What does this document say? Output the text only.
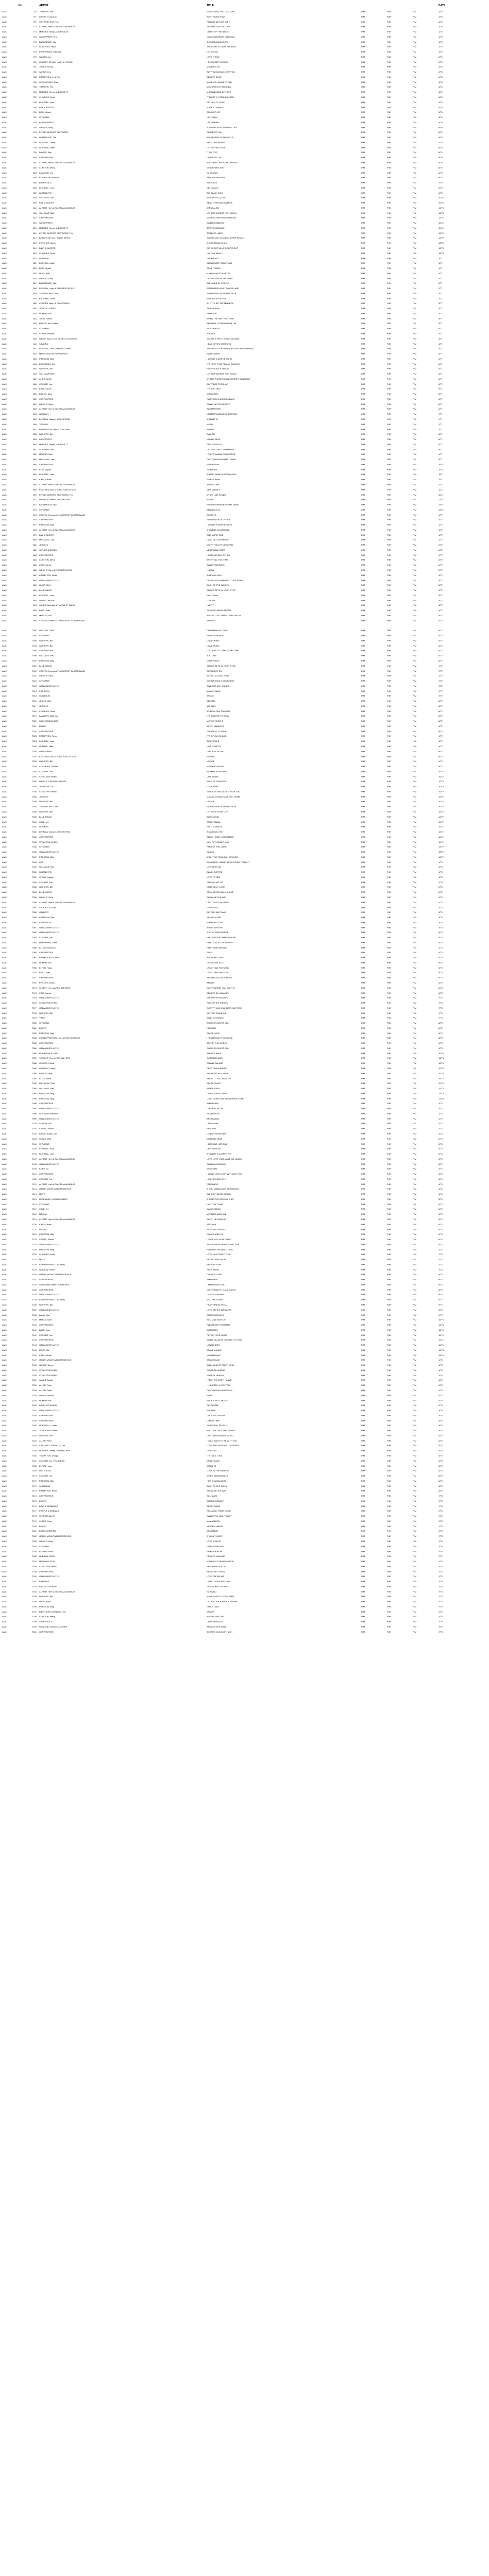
	No.	ARTIST	TITLE				DATE
AMS	770	TRAVERS, Pat	SOMETHING YOU CAN LEND	P/M	P/M	P/M	1/76
AMS	771	LONGET, Claudine	BOTH SIDES NOW	P/M	P/M	P/M	1/76
AMS	772	SISTERS LOVE, The	FORGET ME NOT, GIT IT	P/M	P/M	P/M	1/76
AMS	773	ALPERT, Herb & The TIJUANA BRASS	THE MALTESE MELODY	P/M	P/M	P/M	1/76
AMS	774	MENDES, Sergio, & BRASIL 66	CHANT OF THE BIRDS	P/M	P/M	P/M	1/76
AMS	775	SANDPIPERS, The	COME SATURDAY MORNING	P/M	P/M	P/M	1/76
AMS	776	BACHARACH, Burt	THE GERANIUM KISS	P/M	P/M	P/M	1/76
AMS	777	DONOVAN, Jason	THE LIGHT IS DARK ENOUGH	P/M	P/M	P/M	1/76
AMS	778	PEPPERMINT CIRCUS	LET ME GO	P/M	P/M	P/M	1/76
AMS	779	WOODS, Lin	LOVE IT TOO	P/M	P/M	P/M	2/76
AMS	780	CROSBY, STILLS, NASH & YOUNG	I JUST KEEP ROCKIN'	P/M	P/M	P/M	2/76
AMS	781	JONES, Kenny	MILLER'S JOY	P/M	P/M	P/M	2/76
AMS	782	SANDS, Kim	BUT YOU KNOW I LOVE YOU	P/M	P/M	P/M	2/76
AMS	783	FRAMPTON, Jr. & Trio	BELIEVE IN ME	P/M	P/M	P/M	2/76
AMS	784	SPRINGFIELD, Rick	MAKE YOU WANT TO CRY	P/M	P/M	P/M	3/76
AMS	785	TRAVERS, Pat	MEMORIES OF MELINDA	P/M	P/M	P/M	4/76
AMS	786	MENDES, Sergio, & BRASIL 77	MORNINGSIDE OF LOVE	P/M	P/M	P/M	4/76
AMS	787	CHARLES, Tonto	IT TAKES A LITTLE LONGER	P/M	P/M	P/M	4/76
AMS	788	RUSSELL, Leon	RETURN TO LOVE	P/M	P/M	P/M	4/76
AMS	789	BILL & BUSTER	MAKE A CHANGE	P/M	P/M	P/M	4/76
AMS	790	BOO, Miguel	SONG OF JOY	P/M	P/M	P/M	5/76
AMS	791	STRAWBS	LAY DOWN	P/M	P/M	P/M	5/76
AMS	792	BOOMERANCE	LAZY RIDING	P/M	P/M	P/M	5/76
AMS	793	WRIGHT, Gary	TOMORROW IS ANOTHER DAY	P/M	P/M	P/M	6/76
AMS	794	FLYING BURRITO BROTHERS	CLOSE TO YOU	P/M	P/M	P/M	6/76
AMS	795	HUMBLE PIE, The	BOULEVARD OF MICHELLE	P/M	P/M	P/M	6/76
AMS	796	RUSSELL, Jaime	KEEP ON SMILING	P/M	P/M	P/M	7/76
AMS	798	DURHAM, Judith	LET ME FIND LOVE	P/M	P/M	P/M	8/76
AMS	799	DAVIES, Ray	IT AIN'T SO	P/M	P/M	P/M	8/76
AMS	800	CARPENTERS	CLOSE TO YOU	P/M	P/M	P/M	8/76
AMS	801	ALPERT, Herb & The TIJUANA BRASS	YOU SMILE THE SONG BEGINS	P/M	P/M	P/M	8/76
AMS	802	CLAYTON, Merry	GIMME SHELTER	P/M	P/M	P/M	8/76
AMS	803	DIAMOND, Joe	EL SONIDO	P/M	P/M	P/M	8/76
AMS	804	ROBINSON, Smokey	TIME TO WONDER	P/M	P/M	P/M	8/76
AMS	805	BRAINCHILD	THE CAGE	P/M	P/M	P/M	7/76
AMS	806	RUSSELL, Leon	DELTA LADY	P/M	P/M	P/M	9/76
AMS	807	HUMBLE PIE	BIG BLACK DOG	P/M	P/M	P/M	9/76
AMS	808	SISTERS LOVE	BIGGER YOU LOVE	P/M	P/M	P/M	10/76
AMS	809	BILL & BUSTER	BEND OVER BACKWARDS	P/M	P/M	P/M	10/76
AMS	810	ALPERT, Herb & The TIJUANA BRASS	JERUSALEM	P/M	P/M	P/M	10/76
AMS	811	VAN CAMPHAM	LET THE WATERS RUN DOWN	P/M	P/M	P/M	10/76
AMS	812	CARPENTERS	MERRY CHRISTMAS DARLING	P/M	P/M	P/M	11/76
AMS	814	SANDPIPERS	SANTO DOMINGO	P/M	P/M	P/M	11/76
AMS	815	MENDES, Sergio, & BRASIL 77	TRISTE MORNING	P/M	P/M	P/M	11/76
AMS	816	FLYING BURRITO BROTHERS, The	TRIED SO HARD	P/M	P/M	P/M	12/76
AMS	817	BUTLER, Mercer / Reggie SIMKO	SHAME AND SCANDAL IN THE FAMILY	P/M	P/M	P/M	12/76
AMS	818	PERCHEZ, Shaun	A CHRISTMAS CHILD	P/M	P/M	P/M	12/76
AMS	819	BILLY & BUSTER	DID IM GOT WHAT COOPIE GOT	P/M	P/M	P/M	12/76
AMS	820	CHARLES, Tonto	HALF AS MUCH	P/M	P/M	P/M	12/76
AMS	821	GEORGIO	UNDERDOG	P/M	P/M	P/M	1/71
AMS	822	DURHAM, Judith	CLIMB EVERY MOUNTAIN	P/M	P/M	P/M	1/71
AMS	823	BOO, Miguel	SOUL FRIEND	P/M	P/M	P/M	1/71
AMS	824	HUGH AND	MAXIMILIAN ET ANETTE	P/M	P/M	P/M	2/71
AMS	826	WRIGHT, Gary	GET ON THE RIGHT ROAD	P/M	P/M	P/M	2/71
AMS	827	BACHARACH, Burt	ALL KINDS OF PEOPLE	P/M	P/M	P/M	2/71
AMS	828	RUSSELL, Leon & SHELTER PEOPLE	STRANGER IN A STRANGE LAND	P/M	P/M	P/M	2/71
AMS	829	TURNER, Ike & Tina	RIVER DEEP MOUNTAIN HIGH	P/M	P/M	P/M	2/71
AMS	830	BALDWIN, Linda	BLOOD AND ROSES	P/M	P/M	P/M	2/71
AMS	831	COOPER, Alice, & CONSPIRACY	A LITTLE BIT SOFTER NOW	P/M	P/M	P/M	3/71
AMS	832	JERICHO JONES	TIME IS NOW	P/M	P/M	P/M	3/71
AMS	833	HUMBLE PIE	SHINE ON	P/M	P/M	P/M	3/71
AMS	834	JOHN, Robert	WHEN THE PARTY IS OVER	P/M	P/M	P/M	3/71
AMS	835	DILLON, Nick, Wildis	BECAUSE IT REMINDS ME, Mr.	P/M	P/M	P/M	3/71
AMS	837	STRAWBS	WITCHWOOD	P/M	P/M	P/M	4/71
AMS	838	STARR, Freddie	BOUNCE	P/M	P/M	P/M	4/71
AMS	839	WHITE, Alan & The MERRY GO ROUND	YOU'RE A VERY LOVELY WOMAN	P/M	P/M	P/M	4/71
AMS	840	SEVERIN	HEAD OF THE MORNING	P/M	P/M	P/M	4/71
AMS	841	RUSSELL, Leon / Lennon, Charlie	THE BALLAD OF MAD DOGS AND ENGLISHMEN	P/M	P/M	P/M	5/71
AMS	842	MAGICMOTION NEWMORON	SWEET BABY	P/M	P/M	P/M	5/71
AMS	843	PRESTON, Billy	I WROTE A SIMPLE SONG	P/M	P/M	P/M	5/71
AMS	844	DECISIONS, The	IT'S LOVE THAT REALLY COUNTS	P/M	P/M	P/M	5/71
AMS	845	WITHERS, Bill	EVERYBODY'S TALKIN'	P/M	P/M	P/M	5/71
AMS	846	VAN CAMPHAM	LET THE WATERS RUN DOWN	P/M	P/M	P/M	5/71
AMS	847	CHRISTAKIS	WHERE THERE'S LOVE THERE'S SUNSHINE	P/M	P/M	P/M	5/71
AMS	848	COCKER, Joe	AIN'T THAT PECULIAR	P/M	P/M	P/M	5/71
AMS	849	KING, Carole	IT'S TOO LATE	P/M	P/M	P/M	5/71
AMS	850	DILLON, Nick	GOOD IDEA	P/M	P/M	P/M	5/71
AMS	851	CARPENTERS	RAINY DAYS AND MONDAYS	P/M	P/M	P/M	6/71
AMS	852	WRIGHT, Gary	STAND UP FOR RIGHTS	P/M	P/M	P/M	6/71
AMS	853	ALPERT, Herb & The TIJUANA BRASS	SUMMERTIME	P/M	P/M	P/M	6/71
AMS	854	GORDON	UNDERSTANDING IS SORROW	P/M	P/M	P/M	7/71
AMS	855	DeFALLA, Manuel, ORCHESTRA	MOZART 11	P/M	P/M	P/M	7/71
AMS	856	TORGAS	MOLLY	P/M	P/M	P/M	7/71
AMS	857	PREDERSON, Illan & TOM JANS	WHERE	P/M	P/M	P/M	7/71
AMS	858	WITHERS, Bill	AVALON	P/M	P/M	P/M	8/71
AMS	859	LOOPSTOPS	NUMMY BLUE	P/M	P/M	P/M	8/71
AMS	860	MENDES, Sergio, & BRASIL 77	PAIS TROPICAL	P/M	P/M	P/M	8/71
AMS	861	SCHIFRIN, Lalo	CALYPSO MUTTA RAMAYAN	P/M	P/M	P/M	9/71
AMS	862	MORRIS, Dick	I DON'T WANNA DO DOCTOR	P/M	P/M	P/M	9/71
AMS	863	MICHAELS, Lee	DO YOU KNOW WHAT I MEAN	P/M	P/M	P/M	9/71
AMS	864	CARPENTERS	SUPERSTAR	P/M	P/M	P/M	10/71
AMS	865	BOO, Miguel	HARMONY	P/M	P/M	P/M	10/71
AMS	866	RUSSELL, Leon	A HARD RAIN'S A-GONNA FALL	P/M	P/M	P/M	11/71
AMS	867	KING, Carole	SO FAR AWAY	P/M	P/M	P/M	11/71
AMS	868	ALPERT, Herb & The TIJUANA BRASS	JERUSALEM	P/M	P/M	P/M	11/71
AMS	869	ENGLAND DAN & JOHN FORD COLEY	NEW JERSEY	P/M	P/M	P/M	11/71
AMS	870	FLYING BURRITO BROTHERS, The	WHITE LINE FEVER	P/M	P/M	P/M	11/71
AMS	871	DeFALLA, Manuel, ORCHESTRA	BONDO	P/M	P/M	P/M	12/71
AMS	872	BACHARACH, Burt	NO ONE REMEMBERS MY NAME	P/M	P/M	P/M	12/71
AMS	873	STRAWBS	BENEDICTUS	P/M	P/M	P/M	12/71
AMS	875	COFFEY, Dennis & The DETROIT GUITAR BAND	SCORPIO	P/M	P/M	P/M	1/72
AMS	876	CARPENTERS	HURTING EACH OTHER	P/M	P/M	P/M	1/72
AMS	877	PRESTON, Billy	I WROTE A SIMPLE SONG	P/M	P/M	P/M	1/72
AMS	878	ALPERT, Herb & The TIJUANA BRASS	IF I WERE A RICH MAN	P/M	P/M	P/M	1/72
AMS	879	BILL & BUSTER	ONE MORE TIME	P/M	P/M	P/M	1/72
AMS	880	MICHAELS, Lee	CAN I GET A WITNESS	P/M	P/M	P/M	1/72
AMS	881	JERICHO	DON'T YOU LET ME DOWN	P/M	P/M	P/M	2/72
AMS	882	SERGIO & BRASIL	VEGETABLE STEW	P/M	P/M	P/M	2/72
AMS	883	CARPENTERS	HURTING EACH OTHER	P/M	P/M	P/M	2/72
AMS	884	CLAYTON, Merry	AFTER ALL THIS TIME	P/M	P/M	P/M	2/72
AMS	885	KING, Carole	SWEET SEASONS	P/M	P/M	P/M	2/72
AMS	886	WRIGHT, Gary & WONDERWHEEL	I KNOW	P/M	P/M	P/M	2/72
AMS	887	FRAMPTON, Peter	JUMPING JACK	P/M	P/M	P/M	3/72
AMS	888	GALLAGHER & LYLE	GOOD OLD FASHIONED LOVE SONG	P/M	P/M	P/M	3/72
AMS	889	QUIET SUN	BACK TO THE WORKS	P/M	P/M	P/M	3/72
AMS	890	BLUE MAGIC	SMOKE GETS IN YOUR EYES	P/M	P/M	P/M	3/72
AMS	891	RUSSELL, Leon	ROLL AWAY	P/M	P/M	P/M	3/72
AMS	892	LONG LONDON	LONDON	P/M	P/M	P/M	3/72
AMS	894	JONES, Mandisa & The HAPPY BAND	HAPPY	P/M	P/M	P/M	3/72
AMS	895	BAEZ, Joan	SONG OF BANGLADESH	P/M	P/M	P/M	4/72
AMS	896	MEDLEY, Bill	YOU'VE LOST THAT LOVIN' FEELIN'	P/M	P/M	P/M	4/72
AMS	898	COFFEY, Dennis & The DETROIT GUITAR BAND	TAURUS	P/M	P/M	P/M	4/72

AMS	7001	LOS POP TOPS	OH GAMBLING GAME	P/M	P/M	P/M	6/72
AMS	7002	STRAWBS	SWEET DREAMS	P/M	P/M	P/M	6/72
AMS	7003	WITHERS, Bill	LEAN ON ME	P/M	P/M	P/M	6/72
AMS	7004	WITHERS, Bill	LEAN ON ME	P/M	P/M	P/M	6/72
AMS	7005	CARPENTERS	IT'S GOING TO TAKE SOME TIME	P/M	P/M	P/M	6/72
AMS	7006	WILLIAMS, Paul	TOO LATE	P/M	P/M	P/M	6/72
AMS	7007	PRESTON, Billy	OUTA SPACE	P/M	P/M	P/M	6/72
AMS	7009	BLUE MAGIC	SMOKE GETS IN YOUR EYES	P/M	P/M	P/M	7/72
AMS	7010	COFFEY, Dennis & The DETROIT GUITAR BAND	GETTING IT ON	P/M	P/M	P/M	7/72
AMS	7011	WRIGHT, Gary	IN THE CAN YOU NOW	P/M	P/M	P/M	7/72
AMS	7012	STRAWBS	GONNA HAVE A GOOD TIME	P/M	P/M	P/M	7/72
AMS	7013	GALLAGHER & LYLE	GIVE THE BOY A BREAK	P/M	P/M	P/M	7/72
AMS	7014	POP TOPS	MAMMY BLUE	P/M	P/M	P/M	7/72
AMS	7015	GONZALEZ	THEME	P/M	P/M	P/M	7/72
AMS	7016	JENKS, Mike	BELINDA	P/M	P/M	P/M	8/72
AMS	7017	JERICHO	MR. MAN	P/M	P/M	P/M	8/72
AMS	7018	CHARLES, Tonto	TO BE ALONE TONIGHT	P/M	P/M	P/M	8/72
AMS	7019	LAMBERT, Matthew	IT'S ALMOST ITS OKAY	P/M	P/M	P/M	8/72
AMS	7020	SOUL SEARCHERS	ME THE PEOPLE	P/M	P/M	P/M	8/72
AMS	7021	RAZOR	AFTER MIDNIGHT	P/M	P/M	P/M	8/72
AMS	7022	CARPENTERS	GOODBYE TO LOVE	P/M	P/M	P/M	8/72
AMS	7023	FRAMPTON, Peter	IT'S A PLAIN SHAME	P/M	P/M	P/M	9/72
AMS	7024	RUSSELL, Leon	TIGHT ROPE	P/M	P/M	P/M	9/72
AMS	7025	HUMBLE, Mike	HOT 'N' NASTY	P/M	P/M	P/M	9/72
AMS	7026	GALLAGHER	I BELIEVE IN YOU	P/M	P/M	P/M	9/72
AMS	7027	ENGLAND DAN & JOHN FORD COLEY	SIMONE	P/M	P/M	P/M	9/72
AMS	7028	WITHERS, Bill	USE ME	P/M	P/M	P/M	9/72
AMS	7029	COCHRAN, Charles	MORNING AGAIN	P/M	P/M	P/M	9/72
AMS	7030	COCKER, Joe	WOMAN TO WOMAN	P/M	P/M	P/M	10/72
AMS	7031	STEALERS WHEEL	LATE AGAIN	P/M	P/M	P/M	10/72
AMS	7032	WRIGHT'S WONDERWHEEL	WALL OF CHANGES	P/M	P/M	P/M	10/72
AMS	7033	JOHNSON, Lou	LUCY STAR	P/M	P/M	P/M	10/72
AMS	7034	STEALERS WHEEL	STUCK IN THE MIDDLE WITH YOU	P/M	P/M	P/M	10/72
AMS	7035	JERICHO	MAMA'S GONNA TAKE YOU HOME	P/M	P/M	P/M	10/72
AMS	7036	WITHERS, Bill	USE ME	P/M	P/M	P/M	10/72
AMS	7037	TURNER, Ike & Tina	RIVER DEEP MOUNTAIN HIGH	P/M	P/M	P/M	10/72
AMS	7038	WITHERS, Bill	LET ME IN YOUR LIFE	P/M	P/M	P/M	10/72
AMS	7039	BLUE MAGIC	BLUE MOON	P/M	P/M	P/M	10/72
AMS	7040	CALE, J.J.	CRAZY MAMA	P/M	P/M	P/M	11/72
AMS	7041	NOWERS	HOLD A MINUTE	P/M	P/M	P/M	11/72
AMS	7042	DeFALLA, Manuel, ORCHESTRA	A MAGICAL JIVE	P/M	P/M	P/M	11/72
AMS	7043	CARPENTERS	SLEIGH RIDE / CHRISTMAS	P/M	P/M	P/M	11/72
AMS	7044	STEALERS WHEEL	YOU PUT SOMETHING	P/M	P/M	P/M	11/72
AMS	7045	STRAWBS	PART OF THE UNION	P/M	P/M	P/M	12/72
AMS	7046	GALLAGHER & LYLE	CLOUD	P/M	P/M	P/M	12/72
AMS	7047	PRESTON, Billy	WILL IT GO ROUND IN CIRCLES	P/M	P/M	P/M	12/72
AMS	7048	AVA	SOMEBODY HASN'T BEEN DOING TONIGHT	P/M	P/M	P/M	1/73
AMS	7049	WILLIAMS, Paul	LIFE GOES ON	P/M	P/M	P/M	1/73
AMS	7050	HUMBLE PIE	BLACK COFFEE	P/M	P/M	P/M	1/73
AMS	7051	STEAD, Joseph	LOVE TO SEE	P/M	P/M	P/M	1/73
AMS	7052	COCKER, Joe	PARDON ME SIR	P/M	P/M	P/M	1/73
AMS	7053	WITHERS, Bill	KISSING MY LOVE	P/M	P/M	P/M	2/73
AMS	7054	BLUE MAGIC	STILL NEVER WALK ALONE	P/M	P/M	P/M	2/73
AMS	7055	WRIGHT, Gary	SHOW ME THE WAY	P/M	P/M	P/M	2/73
AMS	7056	ALPERT, Herb & The TIJUANA BRASS	LAST TANGO IN PARIS	P/M	P/M	P/M	2/73
AMS	7057	SPOOKY TOOTH	OVERSEAS	P/M	P/M	P/M	3/73
AMS	7058	GALLERY	BIG CITY BOYS AAH	P/M	P/M	P/M	3/73
AMS	7059	PEARSON, Rick	ROUND AGAIN	P/M	P/M	P/M	3/73
AMS	7060	SUPERSOUL	FOREVER LONG	P/M	P/M	P/M	3/73
AMS	7061	GALLAGHER & LYLE	JESUS SAVE ME	P/M	P/M	P/M	3/73
AMS	7062	GALLAGHER & LYLE	JUST A COINCIDENCE	P/M	P/M	P/M	4/73
AMS	7063	COCKER, Joe	FEEL BETTER THAN TONIGHT	P/M	P/M	P/M	4/73
AMS	7064	HAMPSHIRE, Keith	FIRST CUT IS THE DEEPEST	P/M	P/M	P/M	4/73
AMS	7065	ELLIOT, Raymond	FIRST TIME AROUND	P/M	P/M	P/M	4/73
AMS	7066	CARPENTERS	SING	P/M	P/M	P/M	4/73
AMS	7067	FRAMPTON'S CAMEL	ALL NIGHT LONG	P/M	P/M	P/M	4/73
AMS	7068	HUMBLE PIE	GET DOWN TO IT	P/M	P/M	P/M	5/73
AMS	7069	ELTON, Hugo	LESS THAN THE SONG	P/M	P/M	P/M	5/73
AMS	7070	BAEZ, Joan	LESS THAN THE SONG	P/M	P/M	P/M	5/73
AMS	7071	CARPENTERS	YESTERDAY ONCE MORE	P/M	P/M	P/M	5/73
AMS	7072	PHILLIPS, Shaw	AMELIA	P/M	P/M	P/M	6/73
AMS	7073	SLEEPY, Hot, & APRIL STEVENS	DON'T WHERE YOU WANT IT	P/M	P/M	P/M	6/73
AMS	7074	KING, Carole	BELIEVE IN HUMANITY	P/M	P/M	P/M	6/73
AMS	7075	GALLAGHER & LYLE	STEPPIN' FOR MUSIC	P/M	P/M	P/M	7/73
AMS	7076	STEALERS WHEEL	PICK UP THE PIECES	P/M	P/M	P/M	7/73
AMS	7077	GALLAGHER & LYLE	EVERYTHING WILL TURN OUT FINE	P/M	P/M	P/M	7/73
AMS	7078	WITHERS, Bill	AIN'T NO SUNSHINE	P/M	P/M	P/M	7/73
AMS	7079	TRAIN	BAND OF HANDS	P/M	P/M	P/M	7/73
AMS	7080	STRAWBS	SHINE ON SILVER SUN	P/M	P/M	P/M	8/73
AMS	7081	DEUPS	PICCOLO	P/M	P/M	P/M	8/73
AMS	7082	PRESTON, Billy	SPACE RACE	P/M	P/M	P/M	8/73
AMS	7083	KRISTOFFERSON, Kris, & RITA COOLIDGE	I NEVER HAD IT SO GOOD	P/M	P/M	P/M	8/73
AMS	7084	CARPENTERS	TOP OF THE WORLD	P/M	P/M	P/M	9/73
AMS	7085	GALLAGHER & LYLE	SHINE ON SILVER SUN	P/M	P/M	P/M	9/73
AMS	7086	ROBINSON STONE	TAKIN' IT BACK	P/M	P/M	P/M	10/73
AMS	7087	TONIGHT, Ron, & THE AVE. SEV	OCTOBER JANE	P/M	P/M	P/M	10/73
AMS	7088	GRIMES, Chuck	ON AND ON AND	P/M	P/M	P/M	10/73
AMS	7089	DALTREY, Cheryl	DEEP DOWN INSIDE	P/M	P/M	P/M	10/73
AMS	7090	PARKER, Ray	THE MOST IN IS LOVE	P/M	P/M	P/M	10/73
AMS	7091	ELLIS, Steve	SHOULD I GO OR BE GO	P/M	P/M	P/M	11/73
AMS	7092	NICHOLAS, Paul	SPACE FLIGHT	P/M	P/M	P/M	11/73
AMS	7093	WILLIAMS, Paul	INSPIRATION	P/M	P/M	P/M	11/73
AMS	7094	PRESTON, Billy	DOWN, BABY, DOWN	P/M	P/M	P/M	12/73
AMS	7095	PRESTON, Billy	LONG COME ONE TRAIN HERE COME	P/M	P/M	P/M	12/73
AMS	7096	CARPENTERS	JAMBALAYA	P/M	P/M	P/M	1/74
AMS	7097	GALLAGHER & LYLE	I BELIEVE IN YOU	P/M	P/M	P/M	1/74
AMS	7098	GOLDEN EARRING	RADAR LOVE	P/M	P/M	P/M	1/74
AMS	7099	GALLAGHER & LYLE	BREAKAWAY	P/M	P/M	P/M	1/74
AMS	7100	SUPERSTAR	LADY MARY	P/M	P/M	P/M	1/74
AMS	7101	CROSS, Shaun	SHADOW	P/M	P/M	P/M	1/74
AMS	7102	BRIDE, Noble (one)	LONELY TRAVELER	P/M	P/M	P/M	2/74
AMS	7103	SHAKE ONE	DIAMOND STAR	P/M	P/M	P/M	2/74
AMS	7104	STRAWBS	HERO AND HEROINE	P/M	P/M	P/M	2/74
AMS	7105	KENDALL, Paul	CB'S SO HOW	P/M	P/M	P/M	3/74
AMS	7106	RUSSELL, Leon	IF I WERE A CARPENTER	P/M	P/M	P/M	3/74
AMS	7107	ALPERT, Herb & The TIJUANA BRASS	LOVE LOVE THAT MADE ME LAUGH	P/M	P/M	P/M	3/74
AMS	7108	GALLAGHER & LYLE	SUNDAY MORNING	P/M	P/M	P/M	3/74
AMS	7109	KOPE, Ira	WELCOME	P/M	P/M	P/M	3/74
AMS	7110	CARPENTERS	I WON'T LAST A DAY WITHOUT YOU	P/M	P/M	P/M	4/74
AMS	7111	COCKER, Joe	I DON'T KNOW WHY	P/M	P/M	P/M	4/74
AMS	7112	ALPERT, Herb & The TIJUANA BRASS	FANDANGO	P/M	P/M	P/M	4/74
AMS	7113	OZARK MOUNTAIN DAREDEVILS	IF YOU WANNA GET TO HEAVEN	P/M	P/M	P/M	4/74
AMS	7114	MOTT	ALL THE YOUNG DUDES	P/M	P/M	P/M	4/74
AMS	7115	LEGENDARY GUNSLINGERS	A SONG FOR ROCKIN' A BIT	P/M	P/M	P/M	5/74
AMS	7116	STRAWBS	HOLD ON TO ME	P/M	P/M	P/M	5/74
AMS	7117	CALE, J.J.	CAJUN MOON	P/M	P/M	P/M	5/74
AMS	7118	MAGNA	MERMAID MACHINE	P/M	P/M	P/M	5/74
AMS	7119	ALPERT, Herb & The TIJUANA BRASS	SAVE THE SUNLIGHT	P/M	P/M	P/M	5/74
AMS	7120	KING, Carole	JAZZMAN	P/M	P/M	P/M	6/74
AMS	7121	DEUPS	PICCOLO, FRAGILE	P/M	P/M	P/M	6/74
AMS	7122	PRESTON, Billy	COMES AND GO	P/M	P/M	P/M	6/74
AMS	7123	CROSS, Shaun	I HOPE YOU DON'T MIND	P/M	P/M	P/M	6/74
AMS	7124	GALLAGHER & LYLE	THAT'S WHAT FRIENDS ARE FOR	P/M	P/M	P/M	6/74
AMS	7125	PRESTON, Billy	NOTHING FROM NOTHING	P/M	P/M	P/M	7/74
AMS	7126	CHARLES, Tonto	LOVE HAS COME TO ME	P/M	P/M	P/M	7/74
AMS	7127	MOTT	ROUND AND ROUND	P/M	P/M	P/M	7/74
AMS	7128	FAIRWEATHER LOW, Andy	REGGAE TUNE	P/M	P/M	P/M	7/74
AMS	7129	HUDSON FORD	FREE SPIRIT	P/M	P/M	P/M	7/74
AMS	7130	OZARK MOUNTAIN DAREDEVILS	COUNTRY GIRL	P/M	P/M	P/M	8/74
AMS	7131	SUPERGRASS	JAMBAREE	P/M	P/M	P/M	8/74
AMS	7132	SHANGHAI FAMILY & FRIENDS	I AM MISSING YOU	P/M	P/M	P/M	8/74
AMS	7133	CARPENTERS	DON'T MIND IF I DANCE NOW	P/M	P/M	P/M	8/74
AMS	7134	GALLAGHER & LYLE	LIFE'S A RAILWAY	P/M	P/M	P/M	8/74
AMS	7135	FAIRWEATHER LOW, Andy	MELLOW DOWN	P/M	P/M	P/M	8/74
AMS	7136	WITHERS, Bill	HEARTBREAK ROAD	P/M	P/M	P/M	9/74
AMS	7137	GALLAGHER & LYLE	LOVE ON THE AIRWAVES	P/M	P/M	P/M	9/74
AMS	7138	LANG, Carl	GRACE DARLING	P/M	P/M	P/M	9/74
AMS	7139	MERLS, Noel	YOU CAN SAVE ME	P/M	P/M	P/M	10/74
AMS	7140	CARPENTERS	PLEASE MR. POSTMAN	P/M	P/M	P/M	10/74
AMS	7141	BAEZ, Joan	DIAMONDS	P/M	P/M	P/M	11/74
AMS	7142	COCKER, Joe	PUT OUT THE LIGHT	P/M	P/M	P/M	11/74
AMS	7143	CARPENTERS	SANTA CLAUS IS COMING TO TOWN	P/M	P/M	P/M	11/74
AMS	7144	GALLAGHER & LYLE	LONELINESS	P/M	P/M	P/M	11/74
AMS	7145	ROSE, Sid	BRAVE YOUNG	P/M	P/M	P/M	12/74
AMS	7146	KING, Carole	NIGHTINGALE	P/M	P/M	P/M	12/74
AMS	7147	OZARK MOUNTAIN DAREDEVILS	JACKIE BLUE	P/M	P/M	P/M	1/75
AMS	7148	SANDIE, Jayne	BABY MINE OF THE PHONE	P/M	P/M	P/M	1/75
AMS	7149	STEALERS WHEEL	RIGHT OR WRONG	P/M	P/M	P/M	1/75
AMS	7150	STEALERS WHEEL	STAR OF HEAVEN	P/M	P/M	P/M	1/75
AMS	7151	JAMES, Buddy	I FEEL THE EARTH MOVE	P/M	P/M	P/M	1/75
AMS	7152	ALLEN, Peter	I HONESTLY LOVE YOU	P/M	P/M	P/M	2/75
AMS	7153	ALLEN, Peter	CONTINENTAL AMERICAN	P/M	P/M	P/M	2/75
AMS	7154	LUNA & BIRKIN	SUITE	P/M	P/M	P/M	2/75
AMS	7155	HUMBLE PIE	ROCK & ROLL MUSIC	P/M	P/M	P/M	2/75
AMS	7156	LOVIN' SPOONFUL	DAYDREAM	P/M	P/M	P/M	2/75
AMS	7157	GALLAGHER & LYLE	MR. MAN	P/M	P/M	P/M	3/75
AMS	7158	CARPENTERS	ONLY YESTERDAY	P/M	P/M	P/M	3/75
AMS	7159	CARPENTERS	LEMON TREE	P/M	P/M	P/M	3/75
AMS	7160	HORNSELL, Lewis	POWERFUL PEOPLE	P/M	P/M	P/M	3/75
AMS	7161	JAMES BROTHERS	YOU CAN'T BUY THE MONEY	P/M	P/M	P/M	3/75
AMS	7162	WITHERS, Bill	DO YOU KNOW BILL GOOD	P/M	P/M	P/M	4/75
AMS	7163	ALLEN, Peter	I ONLY WANT TO BE WITH YOU	P/M	P/M	P/M	4/75
AMS	7164	CAPTAIN & TENNILLE, The	LOVE WILL KEEP US TOGETHER	P/M	P/M	P/M	4/75
AMS	7165	HOOPER, Jimmy / Williams, Paul	OLD SOUL	P/M	P/M	P/M	4/75
AMS	7166	THORNTON, Dougie	IT'S ONLY LOVE	P/M	P/M	P/M	5/75
AMS	7167	COCKER, Joe / The BIRDS	CRAZY LOVE	P/M	P/M	P/M	5/75
AMS	7168	ELTON, Hugo	STREETS	P/M	P/M	P/M	5/75
AMS	7169	DEL FUEGO	LOOK IN THE MIRROR	P/M	P/M	P/M	6/75
AMS	7170	COCKER, Joe	WORD IN EDGEWAYS	P/M	P/M	P/M	6/75
AMS	7171	PRESTON, Billy	HE'S A MOONLIGHT	P/M	P/M	P/M	6/75
AMS	7172	SHANGHAI	BACK TO THE SONG	P/M	P/M	P/M	6/75
AMS	7173	FRAMPTON, Peter	SHOW ME THE WAY	P/M	P/M	P/M	6/75
AMS	7174	CARPENTERS	SOLITAIRE	P/M	P/M	P/M	7/75
AMS	7175	DEUPS	GRAND ELEMENT	P/M	P/M	P/M	7/75
AMS	7176	DINO & SEMBELLO	BEST FRIEND	P/M	P/M	P/M	7/75
AMS	7177	PEOPLE & DREAMS	RUN AWAY FROM HOME	P/M	P/M	P/M	7/75
AMS	7178	STREETS ALIVE	DANCE THE NIGHT AWAY	P/M	P/M	P/M	7/75
AMS	7179	CLARK, Gene	MAMA MOON	P/M	P/M	P/M	7/75
AMS	7180	DEUPS	NEVER CHANGE	P/M	P/M	P/M	7/75
AMS	7181	DEEP & DEEPER	DRUMBEAT	P/M	P/M	P/M	7/75
AMS	7182	OZARK MOUNTAIN DAREDEVILS	IF I ONLY KNEW	P/M	P/M	P/M	7/75
AMS	7183	WRIGHT, Gary	LOVE IS ALIVE	P/M	P/M	P/M	7/75
AMS	7184	STRAWBS	GRACE DARLING	P/M	P/M	P/M	7/75
AMS	7185	BLYTHE SPIRIT	SHINE ON NOW	P/M	P/M	P/M	7/75
AMS	7186	HUDSON FORD	PRIVATE HIGHWAY	P/M	P/M	P/M	7/75
AMS	7187	MORNING STAR	MIDNIGHT CONVERSATION	P/M	P/M	P/M	7/75
AMS	7188	STEALERS WHEEL	FIND MYSELF A DAY	P/M	P/M	P/M	7/75
AMS	7189	CARPENTERS	BEST KEPT THING	P/M	P/M	P/M	7/75
AMS	7190	GALLAGHER & LYLE	LOVE ON THE AIR	P/M	P/M	P/M	7/75
AMS	7191	RAMPAGE	I WANT TO BE WITH YOU	P/M	P/M	P/M	7/75
AMS	7192	BRITISH TRIUMPH	EVERYONE IS GONNA	P/M	P/M	P/M	7/75
AMS	7193	ALPERT, Herb & The TIJUANA BRASS	EL BIMBO	P/M	P/M	P/M	7/75
AMS	7194	WITHERS, Bill	MAKE LOVE TO YOUR MIND	P/M	P/M	P/M	7/75
AMS	7195	DAVIS, Fred	DID YOU EVER HAVE A DREAM	P/M	P/M	P/M	7/75
AMS	7196	PRESTON, Billy	FANCY LADY	P/M	P/M	P/M	7/75
AMS	7197	BROTHERS JOHNSON, The	STOMP	P/M	P/M	P/M	7/75
AMS	7198	CLAYTON, Merry	YOU'RE THE ONE	P/M	P/M	P/M	7/75
AMS	7199	AVERY ROCK	LADY MORTALLY	P/M	P/M	P/M	7/75
AMS	7200	HOLLAND, Richard, & JONES	BRICK IN THE WALL	P/M	P/M	P/M	7/75
AMS	7201	CARPENTERS	THERE'S A KIND OF HUSH	P/M	P/M	P/M	7/75
